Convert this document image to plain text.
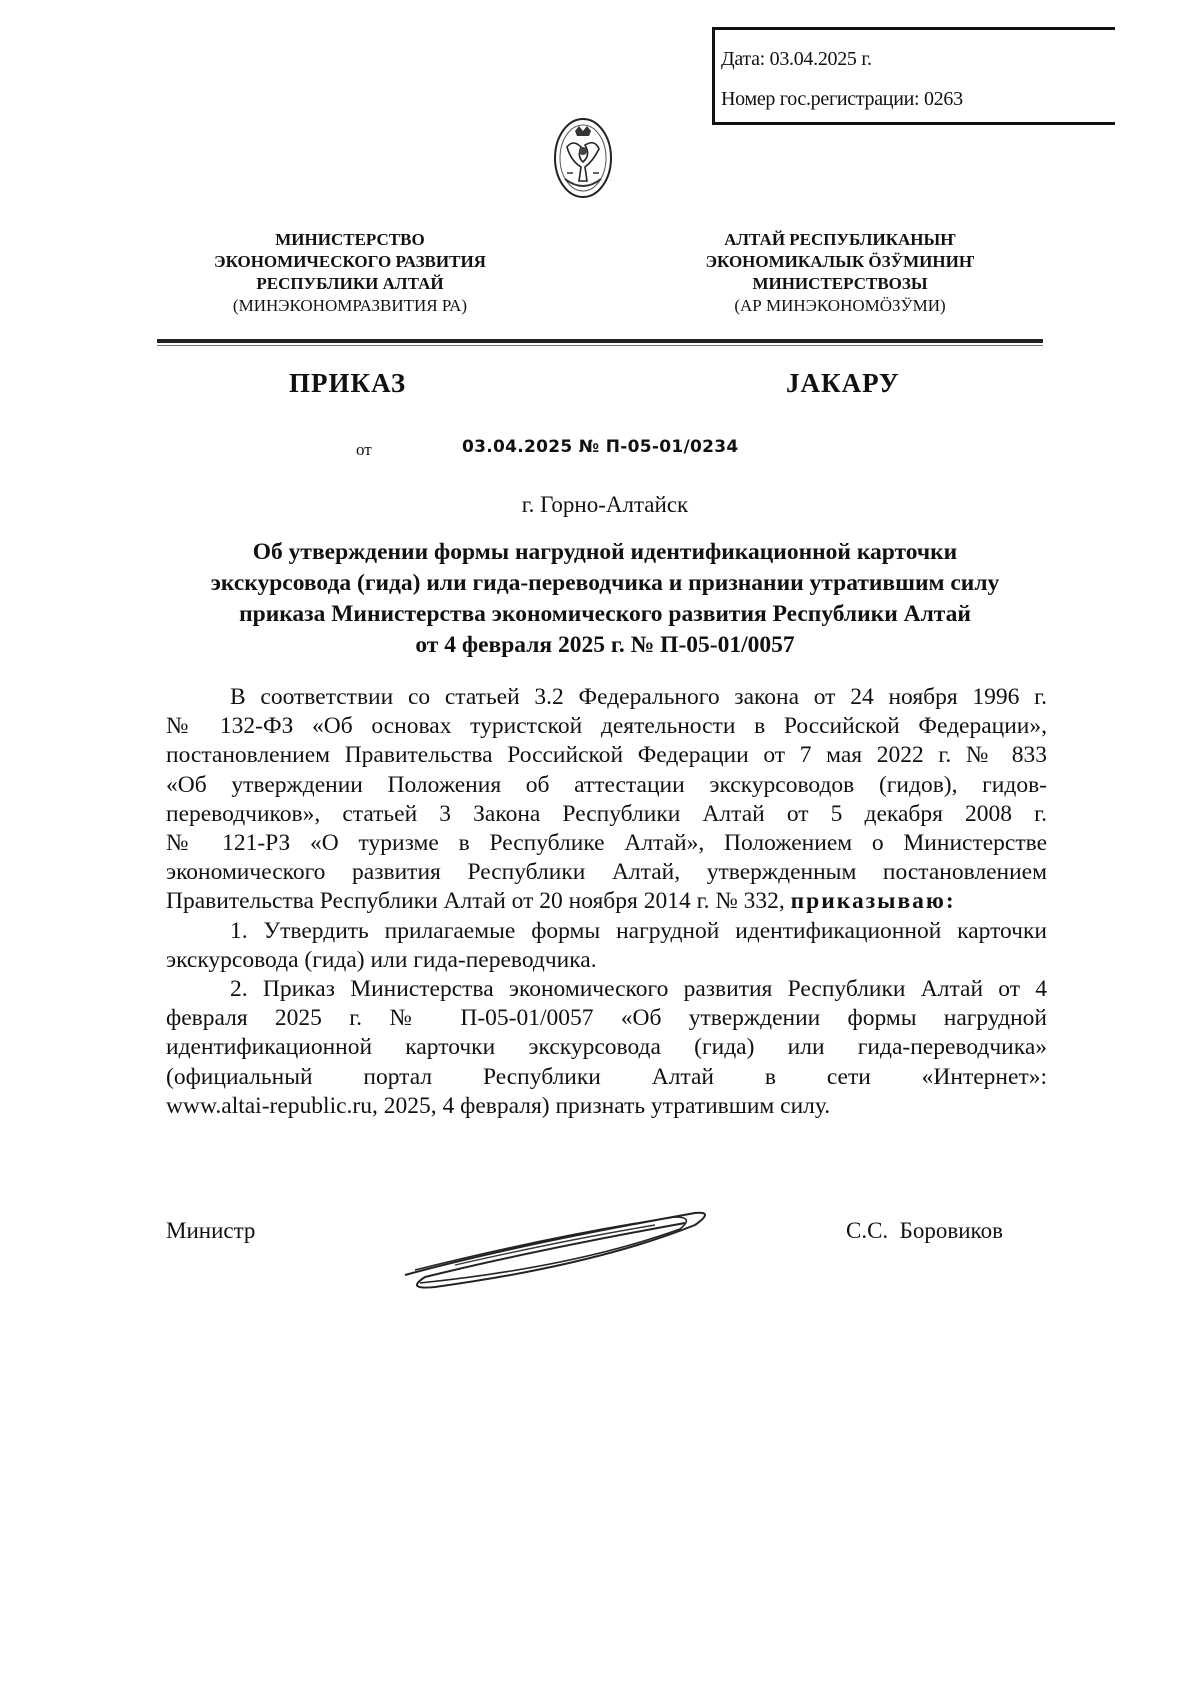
Дата: 03.04.2025 г.
Номер гос.регистрации: 0263
МИНИСТЕРСТВО
ЭКОНОМИЧЕСКОГО РАЗВИТИЯ
РЕСПУБЛИКИ АЛТАЙ
(МИНЭКОНОМРАЗВИТИЯ РА)
АЛТАЙ РЕСПУБЛИКАНЫҤ
ЭКОНОМИКАЛЫК ÖЗӰМИНИҤ
МИНИСТЕРСТВОЗЫ
(АР МИНЭКОНОМÖЗӰМИ)
ПРИКАЗ	ЈАКАРУ
от	03.04.2025 № П-05-01/0234
г. Горно-Алтайск
Об утверждении формы нагрудной идентификационной карточки
экскурсовода (гида) или гида-переводчика и признании утратившим силу
приказа Министерства экономического развития Республики Алтай
от 4 февраля 2025 г. № П-05-01/0057
В соответствии со статьей 3.2 Федерального закона от 24 ноября 1996 г.
№ 132-ФЗ «Об основах туристской деятельности в Российской Федерации»,
постановлением Правительства Российской Федерации от 7 мая 2022 г. № 833
«Об утверждении Положения об аттестации экскурсоводов (гидов), гидов-
переводчиков», статьей 3 Закона Республики Алтай от 5 декабря 2008 г.
№ 121-РЗ «О туризме в Республике Алтай», Положением о Министерстве
экономического развития Республики Алтай, утвержденным постановлением
Правительства Республики Алтай от 20 ноября 2014 г. № 332, приказываю:
1. Утвердить прилагаемые формы нагрудной идентификационной карточки
экскурсовода (гида) или гида-переводчика.
2. Приказ Министерства экономического развития Республики Алтай от 4
февраля 2025 г. № П-05-01/0057 «Об утверждении формы нагрудной
идентификационной карточки экскурсовода (гида) или гида-переводчика»
(официальный портал Республики Алтай в сети «Интернет»:
www.altai-republic.ru, 2025, 4 февраля) признать утратившим силу.
Министр	С.С.  Боровиков
